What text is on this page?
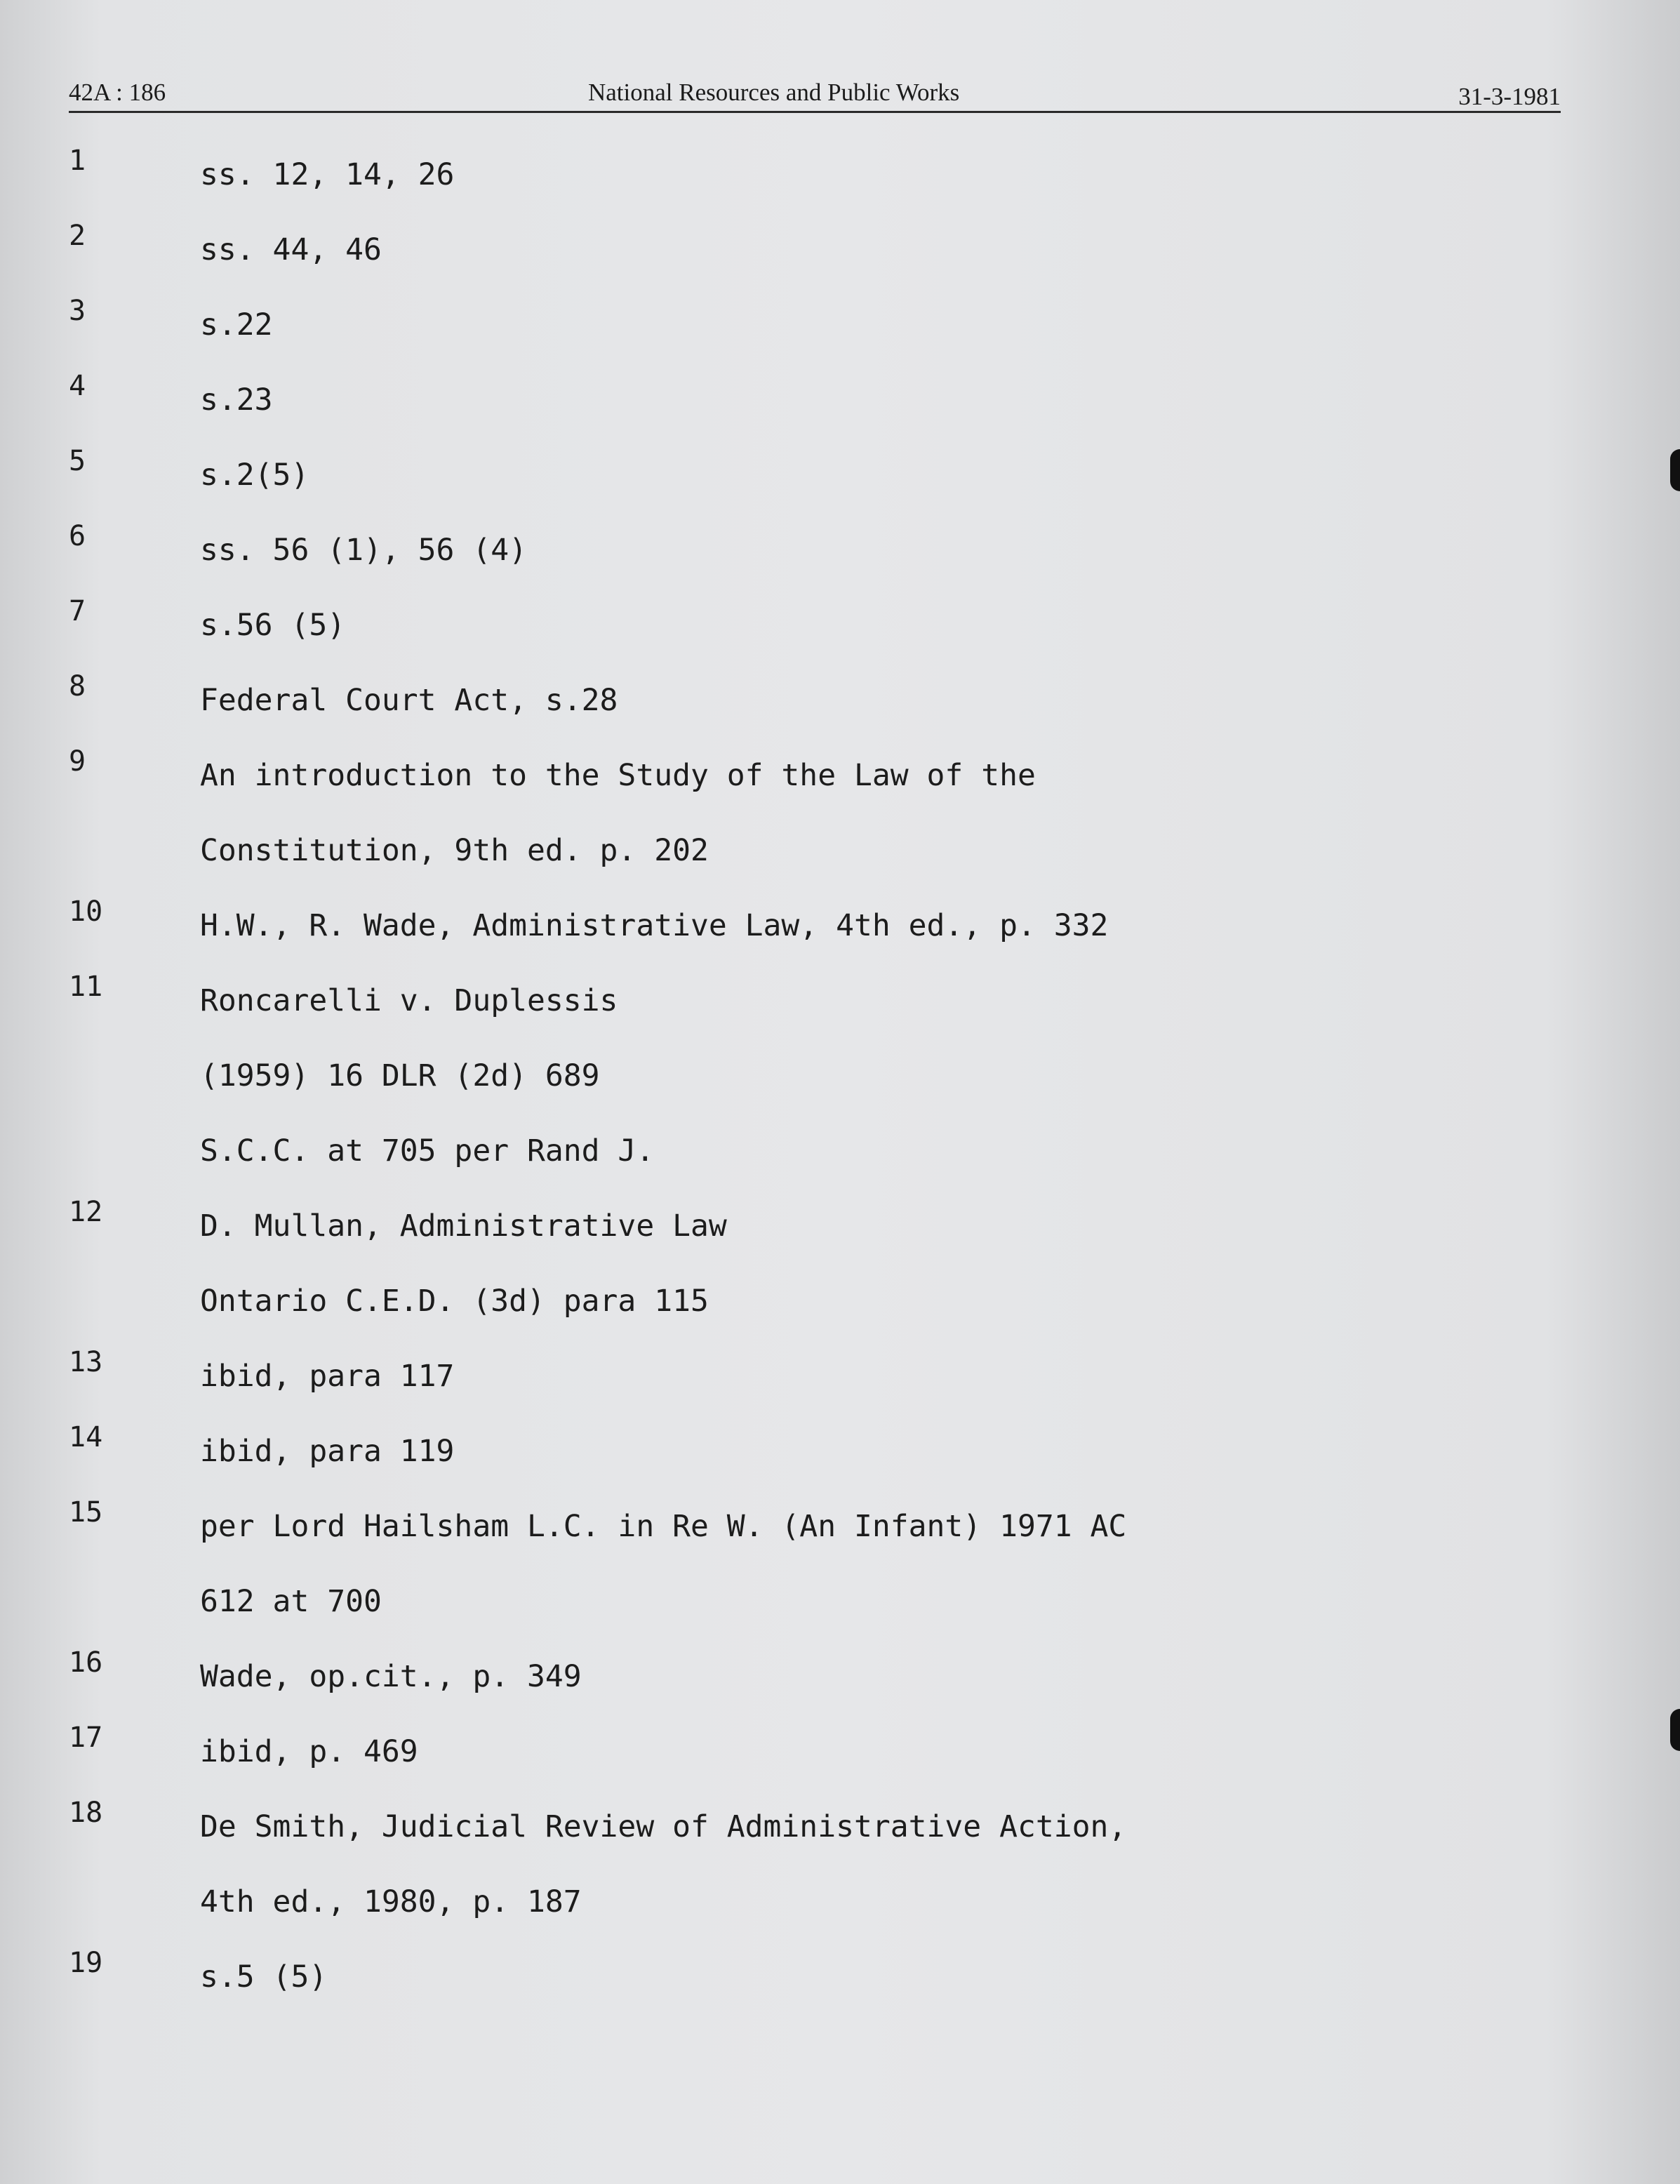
42A : 186	National Resources and Public Works	31-3-1981
1	ss. 12, 14, 26
2	ss. 44, 46
3	s.22
4	s.23
5	s.2(5)
6	ss. 56 (1), 56 (4)
7	s.56 (5)
8	Federal Court Act, s.28
9	An introduction to the Study of the Law of the
Constitution, 9th ed. p. 202
10	H.W., R. Wade, Administrative Law, 4th ed., p. 332
11	Roncarelli v. Duplessis
(1959) 16 DLR (2d) 689
S.C.C. at 705 per Rand J.
12	D. Mullan, Administrative Law
Ontario C.E.D. (3d) para 115
13	ibid, para 117
14	ibid, para 119
15	per Lord Hailsham L.C. in Re W. (An Infant) 1971 AC
612 at 700
16	Wade, op.cit., p. 349
17	ibid, p. 469
18	De Smith, Judicial Review of Administrative Action,
4th ed., 1980, p. 187
19	s.5 (5)
